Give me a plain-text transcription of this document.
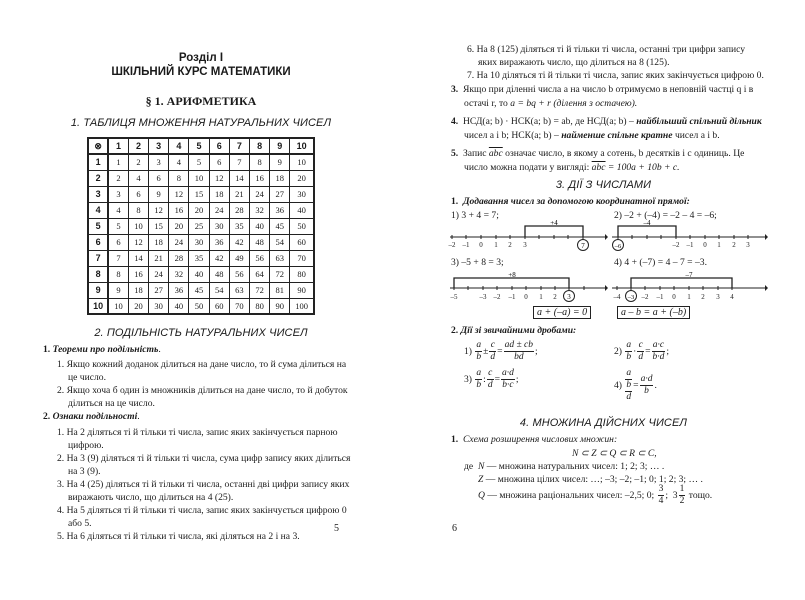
Розділ I
ШКІЛЬНИЙ КУРС МАТЕМАТИКИ
§ 1. АРИФМЕТИКА
1. ТАБЛИЦЯ МНОЖЕННЯ НАТУРАЛЬНИХ ЧИСЕЛ
⊗	1	2	3	4	5	6	7	8	9	10
1	1	2	3	4	5	6	7	8	9	10
2	2	4	6	8	10	12	14	16	18	20
3	3	6	9	12	15	18	21	24	27	30
4	4	8	12	16	20	24	28	32	36	40
5	5	10	15	20	25	30	35	40	45	50
6	6	12	18	24	30	36	42	48	54	60
7	7	14	21	28	35	42	49	56	63	70
8	8	16	24	32	40	48	56	64	72	80
9	9	18	27	36	45	54	63	72	81	90
10	10	20	30	40	50	60	70	80	90	100
2. ПОДІЛЬНІСТЬ НАТУРАЛЬНИХ ЧИСЕЛ
1. Теореми про подільність.
1. Якщо кожний доданок ділиться на дане число, то й сума ділиться на
це число.
2. Якщо хоча б один із множників ділиться на дане число, то й добуток
ділиться на це число.
2. Ознаки подільності.
1. На 2 діляться ті й тільки ті числа, запис яких закінчується парною
цифрою.
2. На 3 (9) діляться ті й тільки ті числа, сума цифр запису яких ділиться
на 3 (9).
3. На 4 (25) діляться ті й тільки ті числа, останні дві цифри запису яких
виражають число, що ділиться на 4 (25).
4. На 5 діляться ті й тільки ті числа, запис яких закінчується цифрою 0
або 5.
5. На 6 діляться ті й тільки ті числа, які діляться на 2 і на 3.
5
6. На 8 (125) діляться ті й тільки ті числа, останні три цифри запису
яких виражають число, що ділиться на 8 (125).
7. На 10 діляться ті й тільки ті числа, запис яких закінчується цифрою 0.
3. Якщо при діленні числа a на число b отримуємо в неповній частці q і в
остачі r, то a = bq + r (ділення з остачею).
4. НСД(a; b) · НСК(a; b) = ab, де НСД(a; b) – найбільший спільний дільник
чисел a і b; НСК(a; b) – найменше спільне кратне чисел a і b.
5. Запис $\overline{abc}$ означає число, в якому a сотень, b десятків і c одиниць. Це
число можна подати у вигляді: $\overline{abc} = 100a + 10b + c$.
3. ДІЇ З ЧИСЛАМИ
1. Додавання чисел за допомогою координатної прямої:
1) 3 + 4 = 7;	2) –2 + (–4) = –2 – 4 = –6;
+4
–2 –1 0 1 2 3	7
–4
–6	–2 –1 0 1 2 3
3) –5 + 8 = 3;	4) 4 + (–7) = 4 – 7 = –3.
+8
–5	–3 –2 –1 0 1 2 3
–7
–4	–2 –1 0 1 2 3 4
–3
a + (–a) = 0	a – b = a + (–b)
2. Дії зі звичайними дробами:
1)
$\frac{a}{b} \pm \frac{c}{d} = \frac{ad \pm cb}{bd}$ ;	2)
$\frac{a}{b} \cdot \frac{c}{d} = \frac{a\cdot c}{b\cdot d}$ ;
3)
$\frac{a}{b}$ : $\frac{c}{d} = \frac{a\cdot d}{b\cdot c}$ ;
4)

a
b
d
= $\frac{a\cdot d}{b}$ .
4. МНОЖИНА ДІЙСНИХ ЧИСЕЛ
1. Схема розширення числових множин:
N ⊂ Z ⊂ Q ⊂ R ⊂ C,
де N — множина натуральних чисел: 1; 2; 3; … .
Z — множина цілих чисел: …; –3; –2; –1; 0; 1; 2; 3; … .
Q
— множина раціональних чисел: –2,5; 0;
$\frac{3}{4}$ ;  $3 \frac{1}{2}$
тощо.
6
